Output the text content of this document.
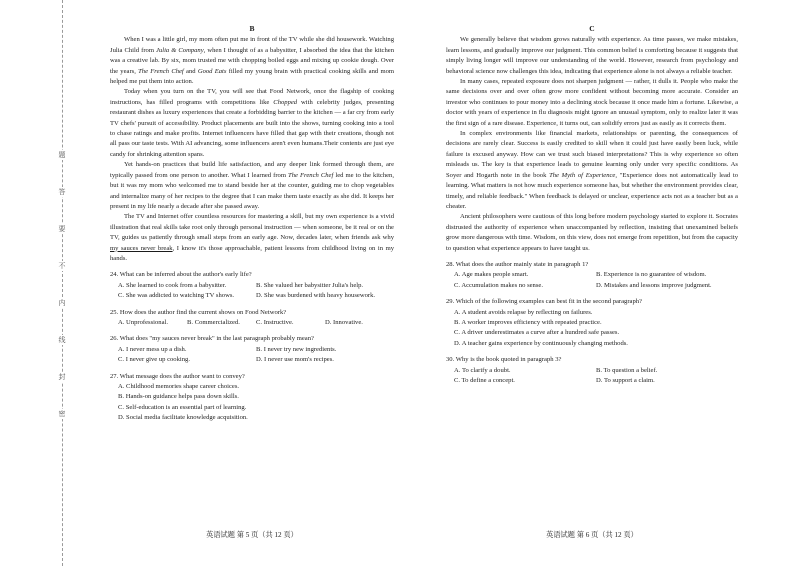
题
答
要
不
内
线
封
密
B

When I was a little girl, my mom often put me in front of the TV while she did housework. Watching Julia Child from Julia & Company, when I thought of as a babysitter, I absorbed the idea that the kitchen was a creative lab. By six, mom trusted me with chopping boiled eggs and mixing up cookie dough. Over the years, The French Chef and Good Eats filled my young brain with practical cooking skills and mom helped me put them into action.

Today when you turn on the TV, you will see that Food Network, once the flagship of cooking instructions, has filled programs with competitions like Chopped with celebrity judges, presenting restaurant dishes as luxury experiences that create a forbidding barrier to the kitchen — a far cry from early TV chefs' pursuit of accessibility. Product placements are built into the shows, turning cooking into a tool to chase ratings and make profits. Internet influencers have filled that gap with their creations, though not all pass our taste tests. With AI advancing, some influencers aren't even humans.Their contents are just eye candy for shrinking attention spans.

Yet hands-on practices that build life satisfaction, and any deeper link formed through them, are typically passed from one person to another. What I learned from The French Chef led me to the kitchen, but it was my mom who welcomed me to stand beside her at the counter, guiding me to chop vegetables and internalize many of her recipes to the degree that I can make them taste exactly as she did. It keeps her present in my life nearly a decade after she passed away.

The TV and Internet offer countless resources for mastering a skill, but my own experience is a vivid illustration that real skills take root only through personal instruction — when someone, be it real or on the TV, guides us patiently through small steps from an early age. Now, decades later, when friends ask why my sauces never break, I know it's those approachable, patient lessons from childhood living on in my hands.

24. What can be inferred about the author's early life?

A. She learned to cook from a babysitter.	B. She valued her babysitter Julia's help.
C. She was addicted to watching TV shows.	D. She was burdened with heavy housework.

25. How does the author find the current shows on Food Network?

A. Unprofessional.	B. Commercialized.	C. Instructive.	D. Innovative.

26. What does "my sauces never break" in the last paragraph probably mean?

A. I never mess up a dish.	B. I never try new ingredients.
C. I never give up cooking.	D. I never use mom's recipes.

27. What message does the author want to convey?

A. Childhood memories shape career choices.
B. Hands-on guidance helps pass down skills.
C. Self-education is an essential part of learning.
D. Social media facilitate knowledge acquisition.
C

We generally believe that wisdom grows naturally with experience. As time passes, we make mistakes, learn lessons, and gradually improve our judgment. This common belief is comforting because it suggests that simply living longer will improve our understanding of the world. However, research from psychology and behavioral science now challenges this idea, indicating that experience alone is not always a reliable teacher.

In many cases, repeated exposure does not sharpen judgment — rather, it dulls it. People who make the same decisions over and over often grow more confident without becoming more accurate. Consider an investor who continues to pour money into a declining stock because it once made him a fortune. Likewise, a doctor with years of experience in flu diagnosis might ignore an unusual symptom, only to realize later it was the first sign of a rare disease. Experience, it turns out, can solidify errors just as easily as it corrects them.

In complex environments like financial markets, relationships or parenting, the consequences of decisions are rarely clear. Success is easily credited to skill when it could just have easily been luck, while failure is excused anyway. How can we trust such biased interpretations? This is why experience so often misleads us. The key is that experience leads to genuine learning only under very specific conditions. As Soyer and Hogarth note in the book The Myth of Experience, "Experience does not automatically lead to learning. What matters is not how much experience someone has, but whether the environment provides clear, timely, and reliable feedback." When feedback is delayed or unclear, experience acts not as a teacher but as a cheater.

Ancient philosophers were cautious of this long before modern psychology started to explore it. Socrates distrusted the authority of experience when unaccompanied by reflection, insisting that unexamined beliefs grow more dangerous with time. Wisdom, on this view, does not emerge from repetition, but from the capacity to question what experience appears to have taught us.

28. What does the author mainly state in paragraph 1?

A. Age makes people smart.	B. Experience is no guarantee of wisdom.
C. Accumulation makes no sense.	D. Mistakes and lessons improve judgment.

29. Which of the following examples can best fit in the second paragraph?

A. A student avoids relapse by reflecting on failures.
B. A worker improves efficiency with repeated practice.
C. A driver underestimates a curve after a hundred safe passes.
D. A teacher gains experience by continuously changing methods.

30. Why is the book quoted in paragraph 3?

A. To clarify a doubt.	B. To question a belief.
C. To define a concept.	D. To support a claim.
英语试题 第 5 页（共 12 页）	英语试题 第 6 页（共 12 页）
